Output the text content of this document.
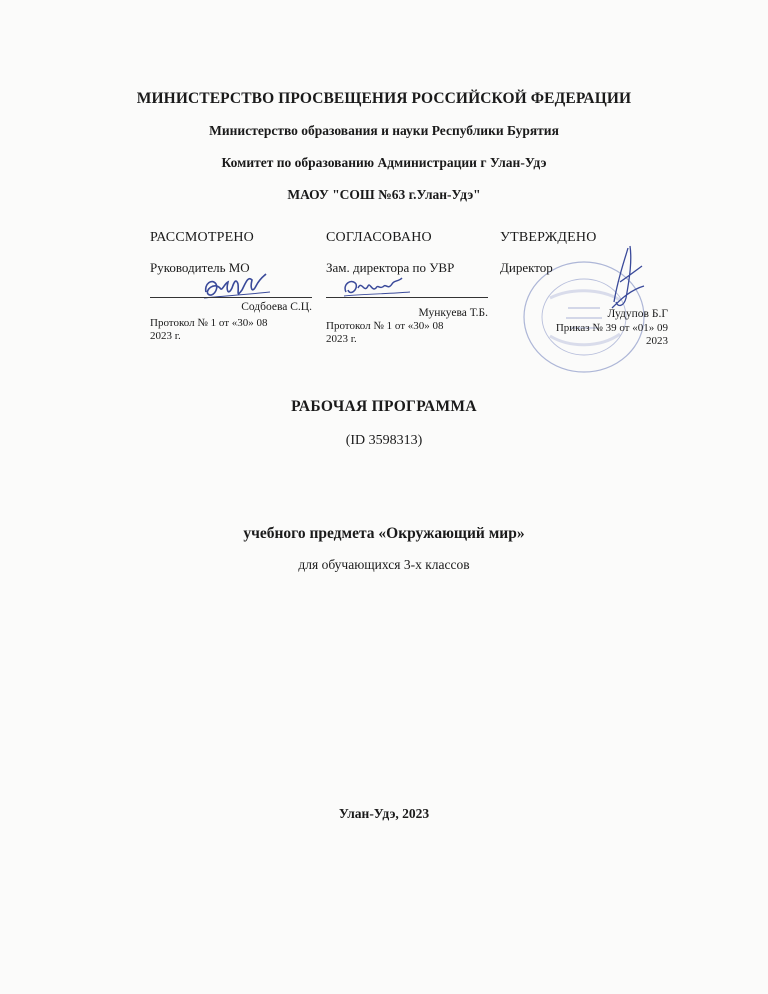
МИНИСТЕРСТВО ПРОСВЕЩЕНИЯ РОССИЙСКОЙ ФЕДЕРАЦИИ
Министерство образования и науки Республики Бурятия
Комитет по образованию Администрации г Улан-Удэ
МАОУ "СОШ №63 г.Улан-Удэ"
РАССМОТРЕНО
Руководитель МО
Содбоева С.Ц.
Протокол № 1 от «30» 08
2023 г.
СОГЛАСОВАНО
Зам. директора по УВР
Мункуева Т.Б.
Протокол № 1 от «30» 08
2023 г.
УТВЕРЖДЕНО
Директор
Лудупов Б.Г
Приказ № 39 от «01» 09
2023
РАБОЧАЯ ПРОГРАММА
(ID 3598313)
учебного предмета «Окружающий мир»
для обучающихся 3-х классов
Улан-Удэ, 2023
